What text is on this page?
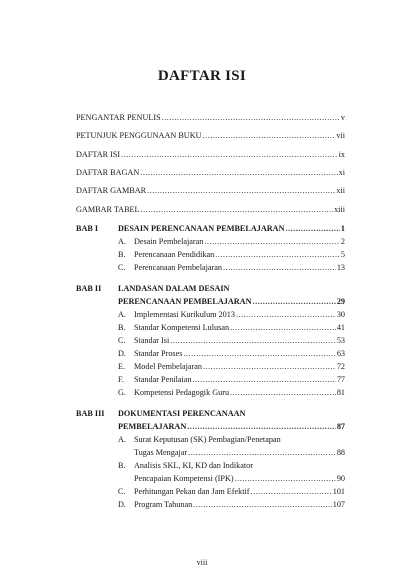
DAFTAR ISI
PENGANTAR PENULIS .....	v
PETUNJUK PENGGUNAAN BUKU .....	vii
DAFTAR ISI .....	ix
DAFTAR BAGAN .....	xi
DAFTAR GAMBAR .....	xii
GAMBAR TABEL .....	xiii
BAB I DESAIN PERENCANAAN PEMBELAJARAN .....	1
A. Desain Pembelajaran .....	2
B.	Perencanaan Pendidikan .....	5
C.	Perencanaan Pembelajaran .....	13
BAB II LANDASAN DALAM DESAIN
PERENCANAAN PEMBELAJARAN .....	29
A. Implementasi Kurikulum 2013 .....	30
B.	Standar Kompetensi Lulusan .....	41
C.	Standar Isi .....	53
D. Standar Proses .....	63
E.	Model Pembelajaran .....	72
F.	Standar Penilaian .....	77
G. Kompetensi Pedagogik Guru .....	81
BAB III DOKUMENTASI PERENCANAAN
PEMBELAJARAN .....	87
A. Surat Keputusan (SK) Pembagian/Penetapan
Tugas Mengajar .....	88
B.	Analisis SKL, KI, KD dan Indikator
Pencapaian Kompetensi (IPK) .....	90
C.	Perhitungan Pekan dan Jam Efektif .....	101
D. Program Tahunan .....	107
viii
